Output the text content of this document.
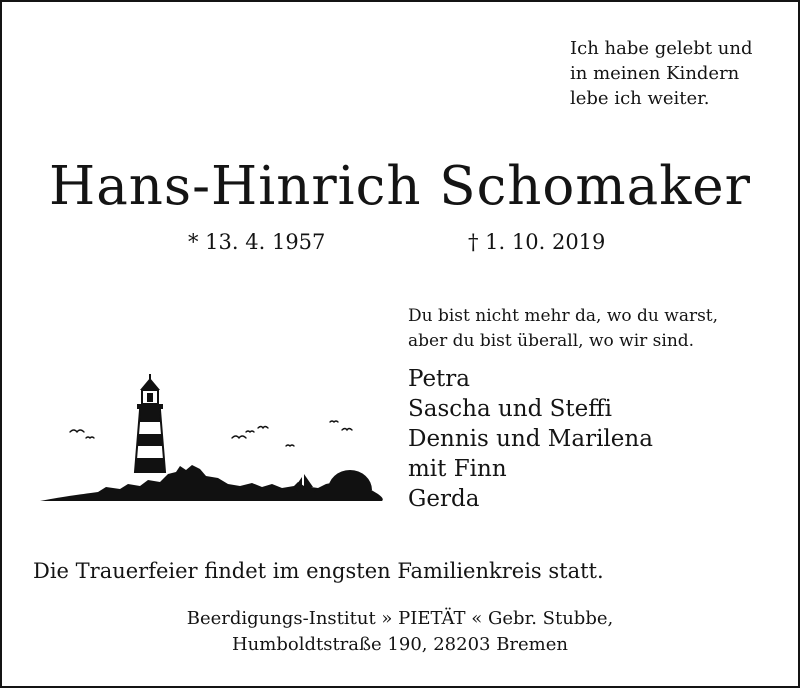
Ich habe gelebt und
in meinen Kindern
lebe ich weiter.
Hans-Hinrich Schomaker
* 13. 4. 1957	† 1. 10. 2019
Du bist nicht mehr da, wo du warst,
aber du bist überall, wo wir sind.
Petra
Sascha und Steffi
Dennis und Marilena
mit Finn
Gerda
Die Trauerfeier findet im engsten Familienkreis statt.
Beerdigungs-Institut » PIETÄT « Gebr. Stubbe,
Humboldtstraße 190, 28203 Bremen
